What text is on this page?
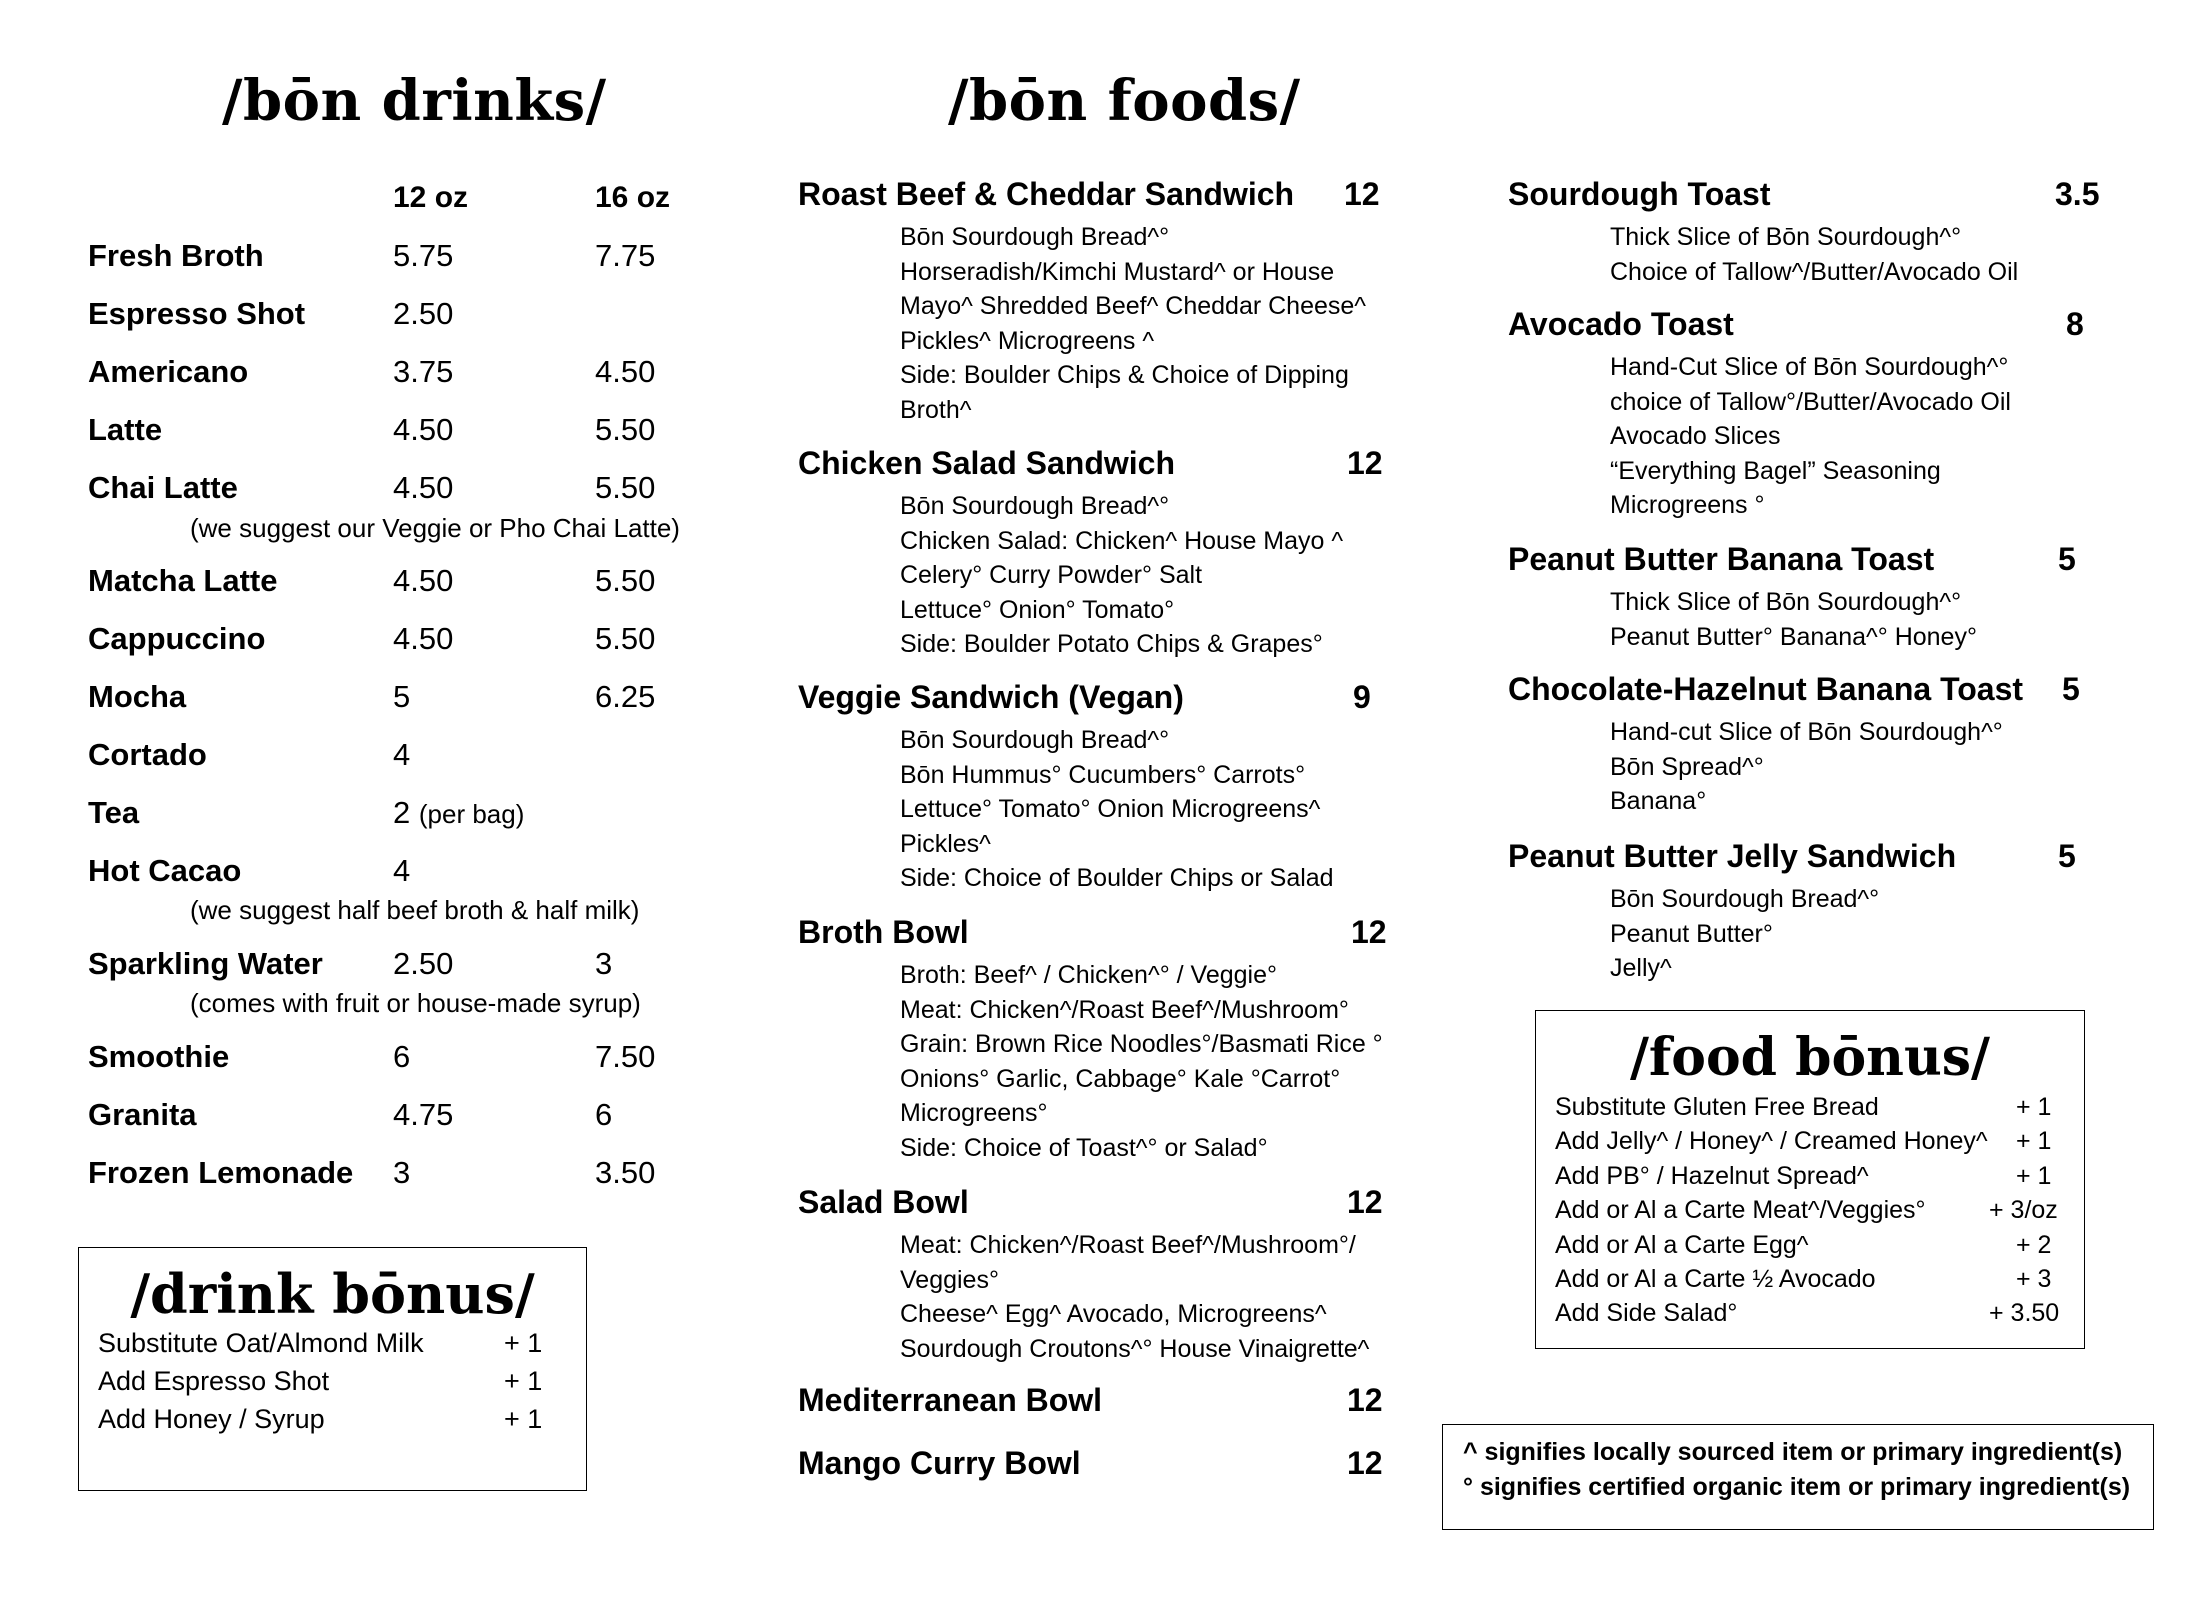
/bōn drinks/
12 oz	16 oz
Fresh Broth	5.75	7.75
Espresso Shot	2.50
Americano	3.75	4.50
Latte	4.50	5.50
Chai Latte	4.50	5.50
(we suggest our Veggie or Pho Chai Latte)
Matcha Latte	4.50	5.50
Cappuccino	4.50	5.50
Mocha	5	6.25
Cortado	4
Tea	2 (per bag)
Hot Cacao	4
(we suggest half beef broth & half milk)
Sparkling Water 2.50	3
(comes with fruit or house-made syrup)
Smoothie	6	7.50
Granita	4.75	6
Frozen Lemonade 3	3.50
/drink bōnus/
Substitute Oat/Almond Milk	+ 1
Add Espresso Shot	+ 1
Add Honey / Syrup	+ 1
/bōn foods/
Roast Beef & Cheddar Sandwich 12
Bōn Sourdough Bread^°
Horseradish/Kimchi Mustard^ or House
Mayo^ Shredded Beef^ Cheddar Cheese^
Pickles^ Microgreens ^
Side: Boulder Chips & Choice of Dipping
Broth^
Chicken Salad Sandwich	12
Bōn Sourdough Bread^°
Chicken Salad: Chicken^ House Mayo ^
Celery° Curry Powder° Salt
Lettuce° Onion° Tomato°
Side: Boulder Potato Chips & Grapes°
Veggie Sandwich (Vegan)	9
Bōn Sourdough Bread^°
Bōn Hummus° Cucumbers° Carrots°
Lettuce° Tomato° Onion Microgreens^
Pickles^
Side: Choice of Boulder Chips or Salad
Broth Bowl	12
Broth: Beef^ / Chicken^° / Veggie°
Meat: Chicken^/Roast Beef^/Mushroom°
Grain: Brown Rice Noodles°/Basmati Rice °
Onions° Garlic, Cabbage° Kale °Carrot°
Microgreens°
Side: Choice of Toast^° or Salad°
Salad Bowl	12
Meat: Chicken^/Roast Beef^/Mushroom°/
Veggies°
Cheese^ Egg^ Avocado, Microgreens^
Sourdough Croutons^° House Vinaigrette^
Mediterranean Bowl	12
Mango Curry Bowl	12
Sourdough Toast	3.5
Thick Slice of Bōn Sourdough^°
Choice of Tallow^/Butter/Avocado Oil
Avocado Toast	8
Hand-Cut Slice of Bōn Sourdough^°
choice of Tallow°/Butter/Avocado Oil
Avocado Slices
“Everything Bagel” Seasoning
Microgreens °
Peanut Butter Banana Toast	5
Thick Slice of Bōn Sourdough^°
Peanut Butter° Banana^° Honey°
Chocolate-Hazelnut Banana Toast 5
Hand-cut Slice of Bōn Sourdough^°
Bōn Spread^°
Banana°
Peanut Butter Jelly Sandwich	5
Bōn Sourdough Bread^°
Peanut Butter°
Jelly^
/food bōnus/
Substitute Gluten Free Bread	+ 1
Add Jelly^ / Honey^ / Creamed Honey^ + 1
Add PB° / Hazelnut Spread^	+ 1
Add or Al a Carte Meat^/Veggies°	+ 3/oz
Add or Al a Carte Egg^	+ 2
Add or Al a Carte ½ Avocado	+ 3
Add Side Salad°	+ 3.50
^ signifies locally sourced item or primary ingredient(s)
° signifies certified organic item or primary ingredient(s)
